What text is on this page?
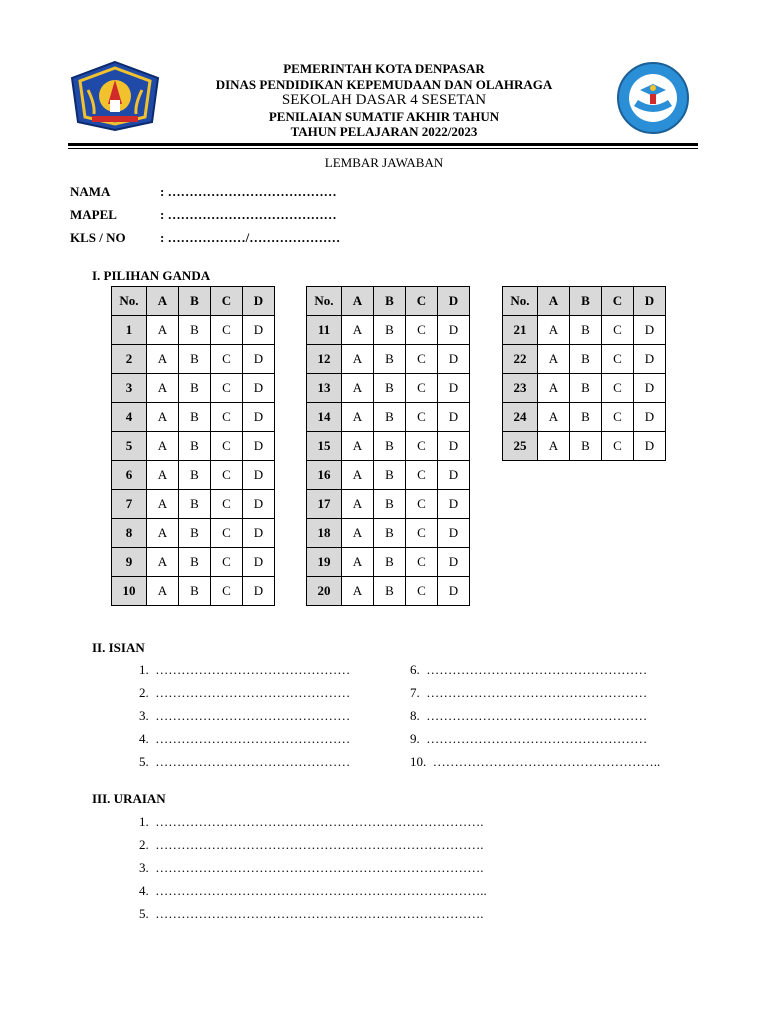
PEMERINTAH KOTA DENPASAR
DINAS PENDIDIKAN KEPEMUDAAN DAN OLAHRAGA
SEKOLAH DASAR 4 SESETAN
PENILAIAN SUMATIF AKHIR TAHUN
TAHUN PELAJARAN 2022/2023
LEMBAR JAWABAN
NAMA	: …………………………………
MAPEL	: …………………………………
KLS / NO	: ………………/…………………
I. PILIHAN GANDA
No.	A	B	C	D
1	A	B	C	D
2	A	B	C	D
3	A	B	C	D
4	A	B	C	D
5	A	B	C	D
6	A	B	C	D
7	A	B	C	D
8	A	B	C	D
9	A	B	C	D
10	A	B	C	D
No.	A	B	C	D
11	A	B	C	D
12	A	B	C	D
13	A	B	C	D
14	A	B	C	D
15	A	B	C	D
16	A	B	C	D
17	A	B	C	D
18	A	B	C	D
19	A	B	C	D
20	A	B	C	D
No.	A	B	C	D
21	A	B	C	D
22	A	B	C	D
23	A	B	C	D
24	A	B	C	D
25	A	B	C	D
II. ISIAN
III. URAIAN
1. ………………………………………
2. ………………………………………
3. ………………………………………
4. ………………………………………
5. ………………………………………
6. ……………………………………………
7. ……………………………………………
8. ……………………………………………
9. ……………………………………………
10. ……………………………………………..
1. ………………………………………………………………….
2. ………………………………………………………………….
3. ………………………………………………………………….
4. …………………………………………………………………..
5. ………………………………………………………………….
